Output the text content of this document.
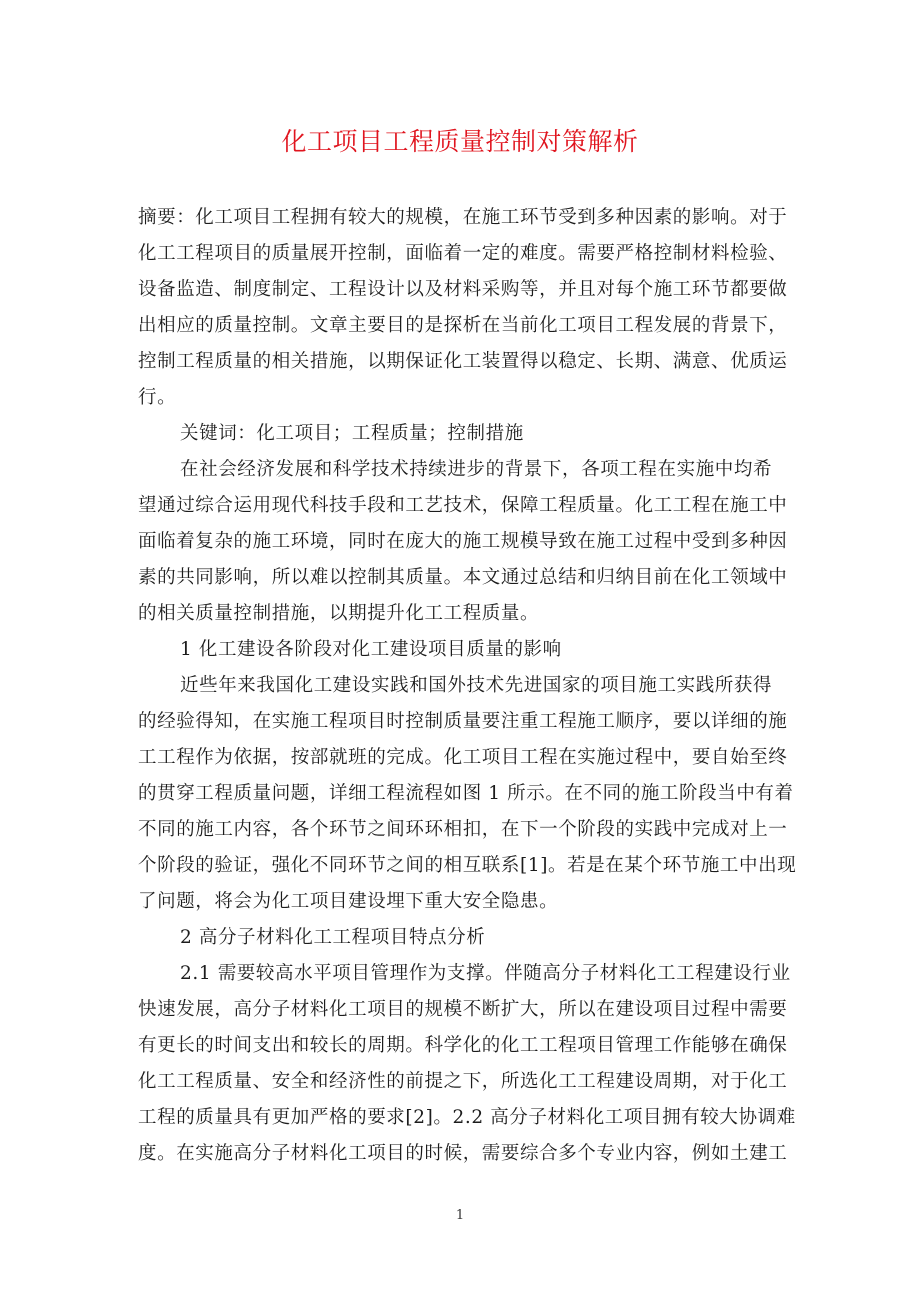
化工项目工程质量控制对策解析
摘要：化工项目工程拥有较大的规模，在施工环节受到多种因素的影响。对于
化工工程项目的质量展开控制，面临着一定的难度。需要严格控制材料检验、
设备监造、制度制定、工程设计以及材料采购等，并且对每个施工环节都要做
出相应的质量控制。文章主要目的是探析在当前化工项目工程发展的背景下，
控制工程质量的相关措施，以期保证化工装置得以稳定、长期、满意、优质运
行。
关键词：化工项目；工程质量；控制措施
在社会经济发展和科学技术持续进步的背景下，各项工程在实施中均希
望通过综合运用现代科技手段和工艺技术，保障工程质量。化工工程在施工中
面临着复杂的施工环境，同时在庞大的施工规模导致在施工过程中受到多种因
素的共同影响，所以难以控制其质量。本文通过总结和归纳目前在化工领域中
的相关质量控制措施，以期提升化工工程质量。
1 化工建设各阶段对化工建设项目质量的影响
近些年来我国化工建设实践和国外技术先进国家的项目施工实践所获得
的经验得知，在实施工程项目时控制质量要注重工程施工顺序，要以详细的施
工工程作为依据，按部就班的完成。化工项目工程在实施过程中，要自始至终
的贯穿工程质量问题，详细工程流程如图 1 所示。在不同的施工阶段当中有着
不同的施工内容，各个环节之间环环相扣，在下一个阶段的实践中完成对上一
个阶段的验证，强化不同环节之间的相互联系[1]。若是在某个环节施工中出现
了问题，将会为化工项目建设埋下重大安全隐患。
2 高分子材料化工工程项目特点分析
2.1 需要较高水平项目管理作为支撑。伴随高分子材料化工工程建设行业
快速发展，高分子材料化工项目的规模不断扩大，所以在建设项目过程中需要
有更长的时间支出和较长的周期。科学化的化工工程项目管理工作能够在确保
化工工程质量、安全和经济性的前提之下，所选化工工程建设周期，对于化工
工程的质量具有更加严格的要求[2]。2.2 高分子材料化工项目拥有较大协调难
度。在实施高分子材料化工项目的时候，需要综合多个专业内容，例如土建工
1
